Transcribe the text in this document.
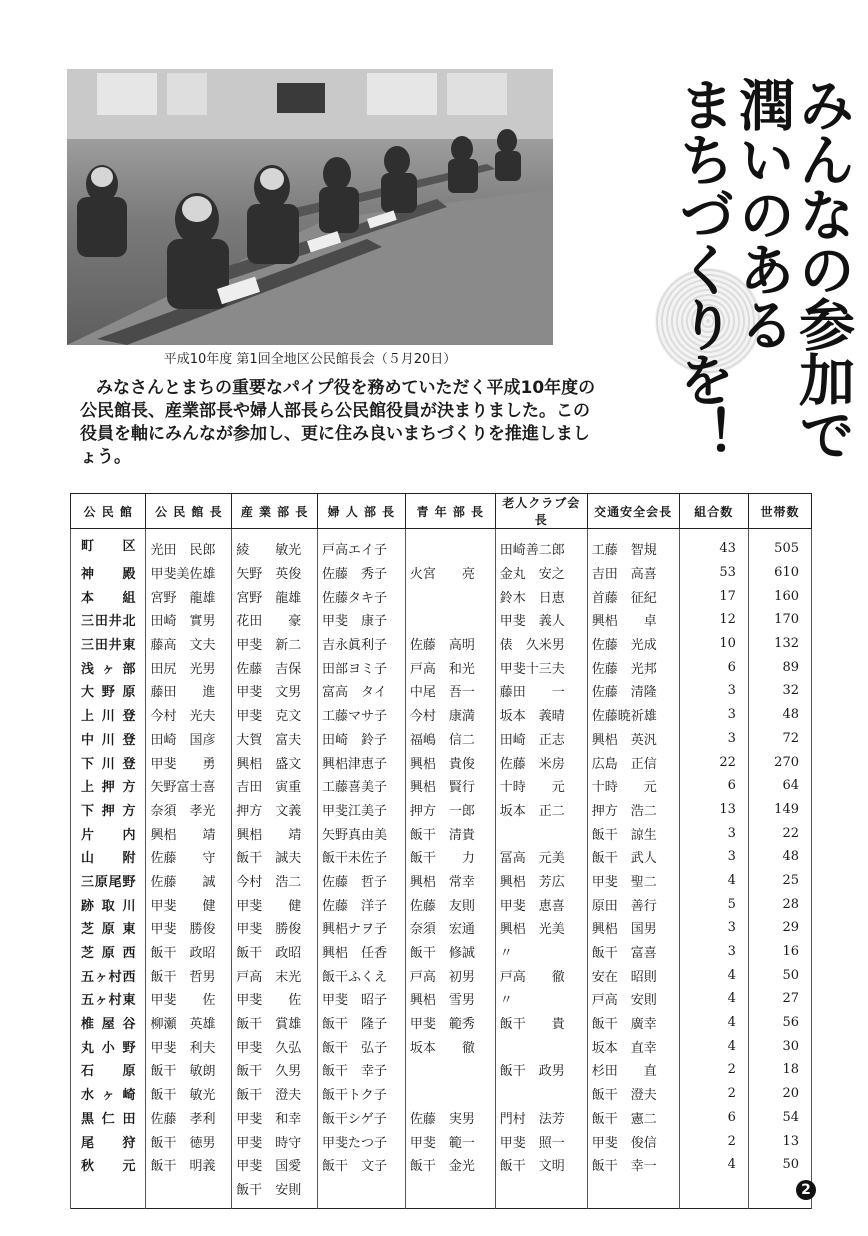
平成10年度 第1回全地区公民館長会（５月20日）	みんなの参加で
潤いのある
まちづくりを！
みなさんとまちの重要なパイプ役を務めていただく平成10年度の公民館長、産業部長や婦人部長ら公民館役員が決まりました。この役員を軸にみんなが参加し、更に住み良いまちづくりを推進しましょう。
公 民 館	公 民 館 長	産 業 部 長	婦 人 部 長	青 年 部 長	老人クラブ会長	交通安全会長	組合数	世帯数
町　　区	光田　民郎	綾　　敏光	戸高エイ子		田崎善二郎	工藤　智規	43	505
神　　殿	甲斐美佐雄	矢野　英俊	佐藤　秀子	火宮　　亮	金丸　安之	吉田　高喜	53	610
本　　組	宮野　龍雄	宮野　龍雄	佐藤タキ子		鈴木　日恵	首藤　征紀	17	160
三田井北	田崎　實男	花田　　豪	甲斐　康子		甲斐　義人	興梠　　卓	12	170
三田井東	藤高　文夫	甲斐　新二	吉永眞利子	佐藤　高明	俵　久米男	佐藤　光成	10	132
浅 ヶ 部	田尻　光男	佐藤　吉保	田部ヨミ子	戸高　和光	甲斐十三夫	佐藤　光邦	6	89
大 野 原	藤田　　進	甲斐　文男	富高　タイ	中尾　吾一	藤田　　一	佐藤　清隆	3	32
上 川 登	今村　光夫	甲斐　克文	工藤マサ子	今村　康満	坂本　義晴	佐藤暁祈雄	3	48
中 川 登	田崎　国彦	大賀　富夫	田崎　鈴子	福嶋　信二	田崎　正志	興梠　英汎	3	72
下 川 登	甲斐　　勇	興梠　盛文	興梠津恵子	興梠　貴俊	佐藤　米房	広島　正信	22	270
上 押 方	矢野富士喜	吉田　寅重	工藤喜美子	興梠　賢行	十時　　元	十時　　元	6	64
下 押 方	奈須　孝光	押方　文義	甲斐江美子	押方　一郎	坂本　正二	押方　浩二	13	149
片　　内	興梠　　靖	興梠　　靖	矢野真由美	飯干　清貴		飯干　諒生	3	22
山　　附	佐藤　　守	飯干　誠夫	飯干未佐子	飯干　　力	冨高　元美	飯干　武人	3	48
三原尾野	佐藤　　誠	今村　浩二	佐藤　哲子	興梠　常幸	興梠　芳広	甲斐　聖二	4	25
跡 取 川	甲斐　　健	甲斐　　健	佐藤　洋子	佐藤　友則	甲斐　恵喜	原田　善行	5	28
芝 原 東	甲斐　勝俊	甲斐　勝俊	興梠ナヲ子	奈須　宏通	興梠　光美	興梠　国男	3	29
芝 原 西	飯干　政昭	飯干　政昭	興梠　任香	飯干　修誠	〃	飯干　富喜	3	16
五ヶ村西	飯干　哲男	戸高　末光	飯干ふくえ	戸高　初男	戸高　　徹	安在　昭則	4	50
五ヶ村東	甲斐　　佐	甲斐　　佐	甲斐　昭子	興梠　雪男	〃	戸高　安則	4	27
椎 屋 谷	柳瀬　英雄	飯干　賞雄	飯干　隆子	甲斐　範秀	飯干　　貴	飯干　廣幸	4	56
丸 小 野	甲斐　利夫	甲斐　久弘	飯干　弘子	坂本　　徹		坂本　直幸	4	30
石　　原	飯干　敏朗	飯干　久男	飯干　幸子		飯干　政男	杉田　　直	2	18
水 ヶ 崎	飯干　敏光	飯干　澄夫	飯干トク子			飯干　澄夫	2	20
黒 仁 田	佐藤　孝利	甲斐　和幸	飯干シゲ子	佐藤　実男	門村　法芳	飯干　憲二	6	54
尾　　狩	飯干　徳男	甲斐　時守	甲斐たつ子	甲斐　範一	甲斐　照一	甲斐　俊信	2	13
秋　　元	飯干　明義	甲斐　国愛	飯干　文子	飯干　金光	飯干　文明	飯干　幸一	4	50
		飯干　安則							2
